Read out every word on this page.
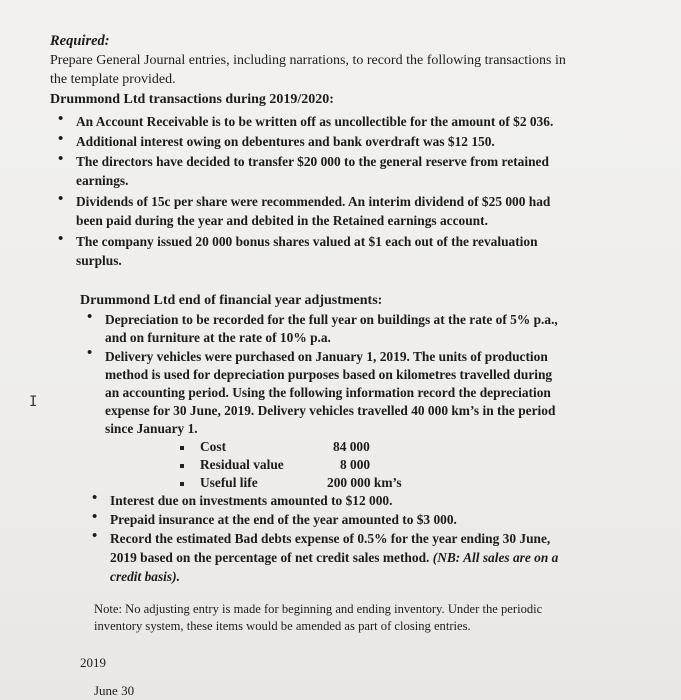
Required:
Prepare General Journal entries, including narrations, to record the following transactions in
the template provided.
Drummond Ltd transactions during 2019/2020:
• An Account Receivable is to be written off as uncollectible for the amount of $2 036.
• Additional interest owing on debentures and bank overdraft was $12 150.
• The directors have decided to transfer $20 000 to the general reserve from retained
earnings.
• Dividends of 15c per share were recommended. An interim dividend of $25 000 had
been paid during the year and debited in the Retained earnings account.
• The company issued 20 000 bonus shares valued at $1 each out of the revaluation
surplus.
Drummond Ltd end of financial year adjustments:
• Depreciation to be recorded for the full year on buildings at the rate of 5% p.a.,
and on furniture at the rate of 10% p.a.
• Delivery vehicles were purchased on January 1, 2019. The units of production
method is used for depreciation purposes based on kilometres travelled during
an accounting period. Using the following information record the depreciation
expense for 30 June, 2019. Delivery vehicles travelled 40 000 km’s in the period
since January 1.
Cost	84 000
Residual value	8 000
Useful life	200 000 km’s
• Interest due on investments amounted to $12 000.
• Prepaid insurance at the end of the year amounted to $3 000.
• Record the estimated Bad debts expense of 0.5% for the year ending 30 June,
2019 based on the percentage of net credit sales method. (NB: All sales are on a
credit basis).
Note: No adjusting entry is made for beginning and ending inventory. Under the periodic
inventory system, these items would be amended as part of closing entries.
2019
June 30
I
